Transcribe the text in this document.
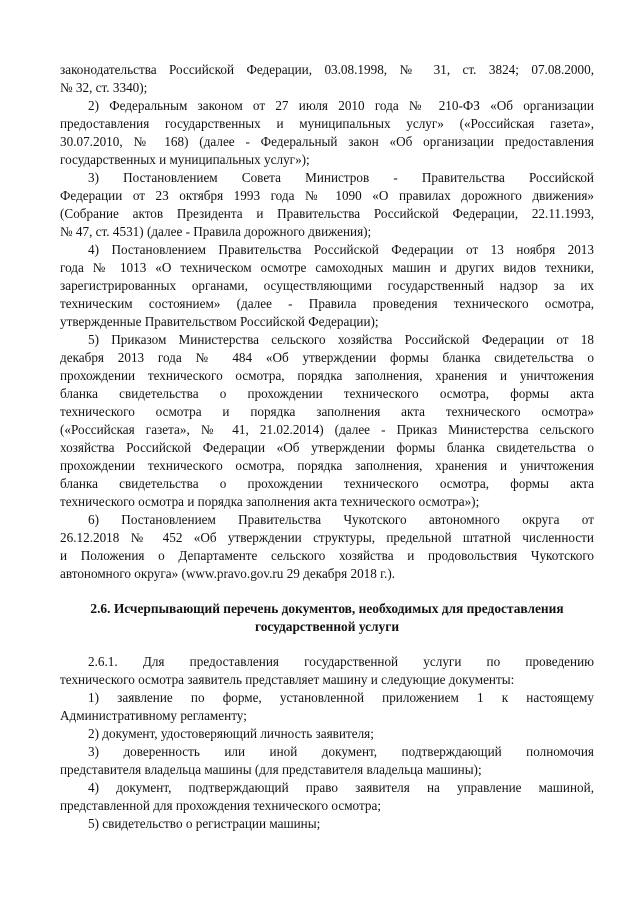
законодательства Российской Федерации, 03.08.1998, № 31, ст. 3824; 07.08.2000,
№ 32, ст. 3340);
2) Федеральным законом от 27 июля 2010 года № 210-ФЗ «Об организации
предоставления государственных и муниципальных услуг» («Российская газета»,
30.07.2010, № 168) (далее - Федеральный закон «Об организации предоставления
государственных и муниципальных услуг»);
3) Постановлением Совета Министров - Правительства Российской
Федерации от 23 октября 1993 года № 1090 «О правилах дорожного движения»
(Собрание актов Президента и Правительства Российской Федерации, 22.11.1993,
№ 47, ст. 4531) (далее - Правила дорожного движения);
4) Постановлением Правительства Российской Федерации от 13 ноября 2013
года № 1013 «О техническом осмотре самоходных машин и других видов техники,
зарегистрированных органами, осуществляющими государственный надзор за их
техническим состоянием» (далее - Правила проведения технического осмотра,
утвержденные Правительством Российской Федерации);
5) Приказом Министерства сельского хозяйства Российской Федерации от 18
декабря 2013 года № 484 «Об утверждении формы бланка свидетельства о
прохождении технического осмотра, порядка заполнения, хранения и уничтожения
бланка свидетельства о прохождении технического осмотра, формы акта
технического осмотра и порядка заполнения акта технического осмотра»
(«Российская газета», № 41, 21.02.2014) (далее - Приказ Министерства сельского
хозяйства Российской Федерации «Об утверждении формы бланка свидетельства о
прохождении технического осмотра, порядка заполнения, хранения и уничтожения
бланка свидетельства о прохождении технического осмотра, формы акта
технического осмотра и порядка заполнения акта технического осмотра»);
6) Постановлением Правительства Чукотского автономного округа от
26.12.2018 № 452 «Об утверждении структуры, предельной штатной численности
и Положения о Департаменте сельского хозяйства и продовольствия Чукотского
автономного округа» (www.pravo.gov.ru 29 декабря 2018 г.).
2.6. Исчерпывающий перечень документов, необходимых для предоставления
государственной услуги
2.6.1. Для предоставления государственной услуги по проведению
технического осмотра заявитель представляет машину и следующие документы:
1) заявление по форме, установленной приложением 1 к настоящему
Административному регламенту;
2) документ, удостоверяющий личность заявителя;
3) доверенность или иной документ, подтверждающий полномочия
представителя владельца машины (для представителя владельца машины);
4) документ, подтверждающий право заявителя на управление машиной,
представленной для прохождения технического осмотра;
5) свидетельство о регистрации машины;
